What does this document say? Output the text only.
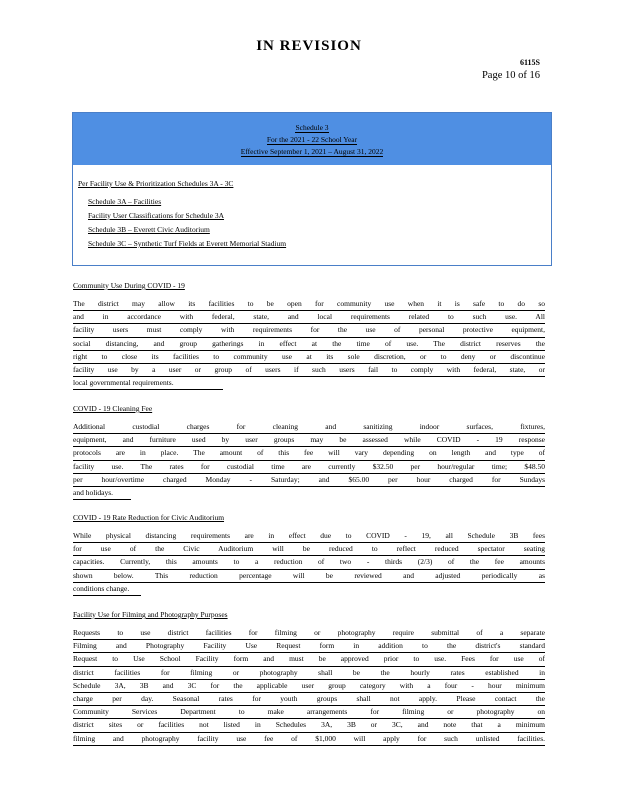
IN REVISION
6115S
Page 10 of 16
Schedule 3
For the 2021 - 22 School Year
Effective September 1, 2021 – August 31, 2022
Per Facility Use & Prioritization Schedules 3A - 3C
Schedule 3A – Facilities
Facility User Classifications for Schedule 3A
Schedule 3B – Everett Civic Auditorium
Schedule 3C – Synthetic Turf Fields at Everett Memorial Stadium
Community Use During COVID - 19
The district may allow its facilities to be open for community use when it is safe to do so
and in accordance with federal, state, and local requirements related to such use. All
facility users must comply with requirements for the use of personal protective equipment,
social distancing, and group gatherings in effect at the time of use. The district reserves the
right to close its facilities to community use at its sole discretion, or to deny or discontinue
facility use by a user or group of users if such users fail to comply with federal, state, or
local governmental requirements.
COVID - 19 Cleaning Fee
Additional custodial charges for cleaning and sanitizing indoor surfaces, fixtures,
equipment, and furniture used by user groups may be assessed while COVID - 19 response
protocols are in place. The amount of this fee will vary depending on length and type of
facility use. The rates for custodial time are currently $32.50 per hour/regular time; $48.50
per hour/overtime charged Monday - Saturday; and $65.00 per hour charged for Sundays
and holidays.
COVID - 19 Rate Reduction for Civic Auditorium
While physical distancing requirements are in effect due to COVID - 19, all Schedule 3B fees
for use of the Civic Auditorium will be reduced to reflect reduced spectator seating
capacities. Currently, this amounts to a reduction of two - thirds (2/3) of the fee amounts
shown below. This reduction percentage will be reviewed and adjusted periodically as
conditions change.
Facility Use for Filming and Photography Purposes
Requests to use district facilities for filming or photography require submittal of a separate
Filming and Photography Facility Use Request form in addition to the district's standard
Request to Use School Facility form and must be approved prior to use. Fees for use of
district facilities for filming or photography shall be the hourly rates established in
Schedule 3A, 3B and 3C for the applicable user group category with a four - hour minimum
charge per day. Seasonal rates for youth groups shall not apply. Please contact the
Community Services Department to make arrangements for filming or photography on
district sites or facilities not listed in Schedules 3A, 3B or 3C, and note that a minimum
filming and photography facility use fee of $1,000 will apply for such unlisted facilities.
